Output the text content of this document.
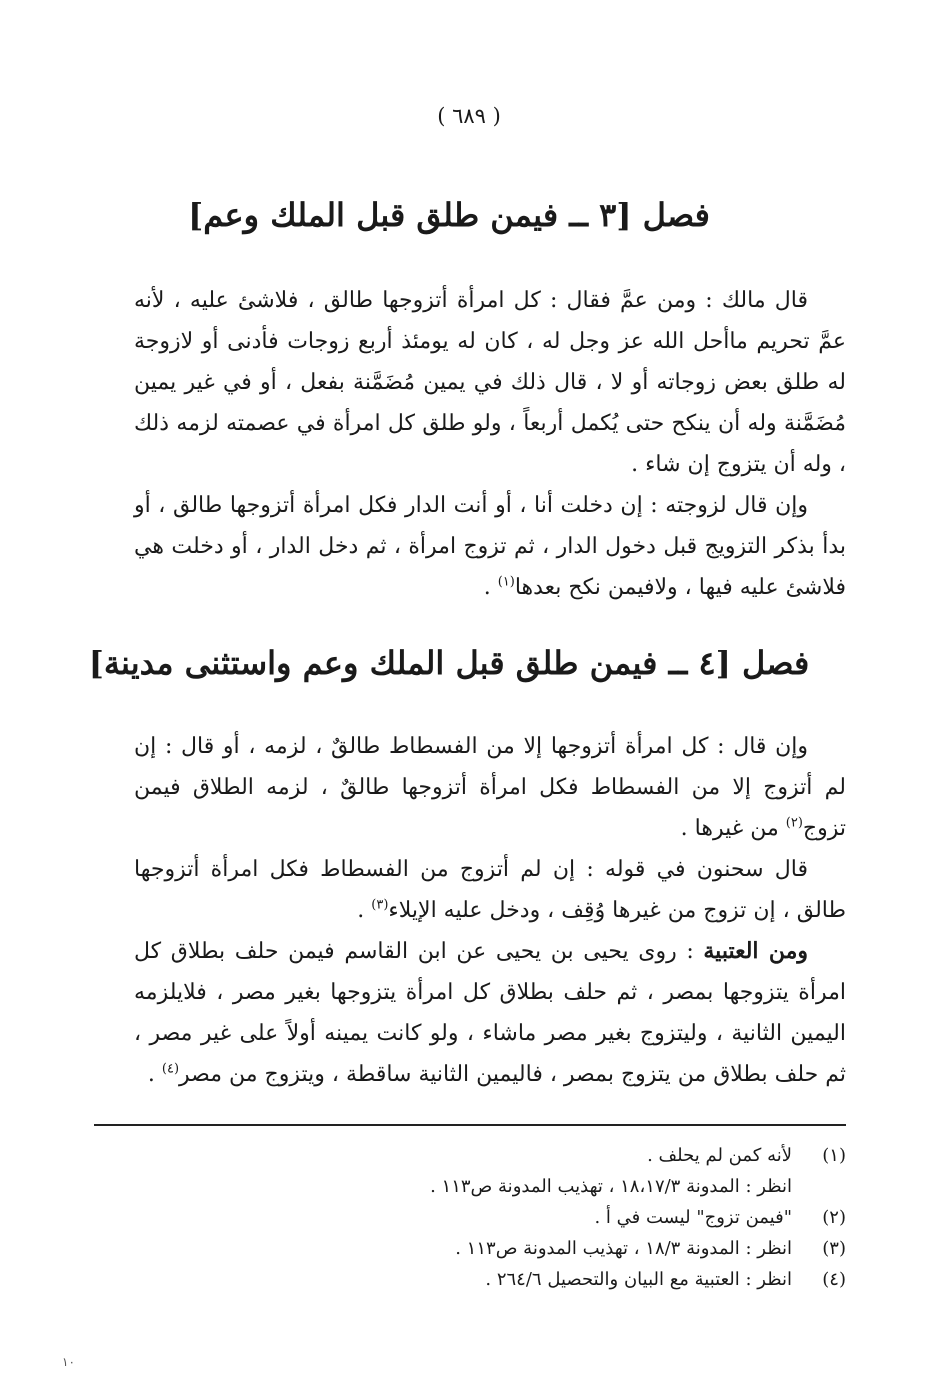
( ٦٨٩ )
فصل [٣ ــ فيمن طلق قبل الملك وعم]

قال مالك : ومن عمَّ فقال : كل امرأة أتزوجها طالق ، فلاشئ عليه ، لأنه عمَّ تحريم ماأحل الله عز وجل له ، كان له يومئذ أربع زوجات فأدنى أو لازوجة له طلق بعض زوجاته أو لا ، قال ذلك في يمين مُضَمَّنة بفعل ، أو في غير يمين مُضَمَّنة وله أن ينكح حتى يُكمل أربعاً ، ولو طلق كل امرأة في عصمته لزمه ذلك ، وله أن يتزوج إن شاء .

وإن قال لزوجته : إن دخلت أنا ، أو أنت الدار فكل امرأة أتزوجها طالق ، أو بدأ بذكر التزويج قبل دخول الدار ، ثم تزوج امرأة ، ثم دخل الدار ، أو دخلت هي فلاشئ عليه فيها ، ولافيمن نكح بعدها$^{(١)}$ .

فصل [٤ ــ فيمن طلق قبل الملك وعم واستثنى مدينة]

وإن قال : كل امرأة أتزوجها إلا من الفسطاط طالقٌ ، لزمه ، أو قال : إن لم أتزوج إلا من الفسطاط فكل امرأة أتزوجها طالقٌ ، لزمه الطلاق فيمن تزوج$^{(٢)}$ من غيرها .

قال سحنون في قوله : إن لم أتزوج من الفسطاط فكل امرأة أتزوجها طالق ، إن تزوج من غيرها وُقِف ، ودخل عليه الإيلاء$^{(٣)}$ .

ومن العتبية : روى يحيى بن يحيى عن ابن القاسم فيمن حلف بطلاق كل امرأة يتزوجها بمصر ، ثم حلف بطلاق كل امرأة يتزوجها بغير مصر ، فلايلزمه اليمين الثانية ، وليتزوج بغير مصر ماشاء ، ولو كانت يمينه أولاً على غير مصر ، ثم حلف بطلاق من يتزوج بمصر ، فاليمين الثانية ساقطة ، ويتزوج من مصر$^{(٤)}$ .

(١)
لأنه كمن لم يحلف .
انظر : المدونة ١٨،١٧/٣ ، تهذيب المدونة ص١١٣ .
(٢)
"فيمن تزوج" ليست في أ .
(٣)
انظر : المدونة ١٨/٣ ، تهذيب المدونة ص١١٣ .
(٤)
انظر : العتبية مع البيان والتحصيل ٢٦٤/٦ .
١٠
